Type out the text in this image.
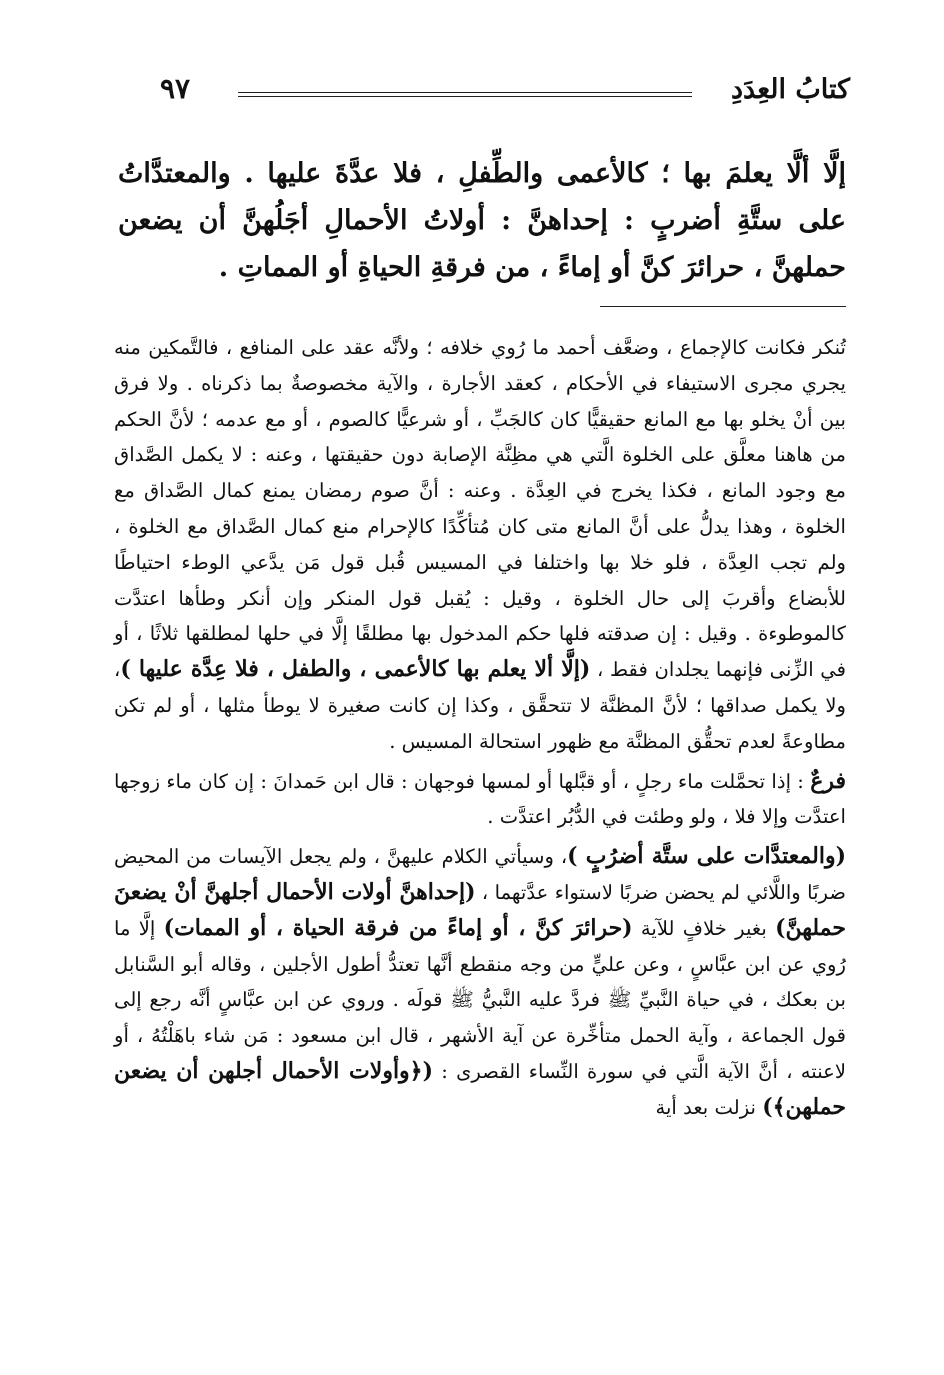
كتابُ العِدَدِ
٩٧

إلَّا ألَّا يعلمَ بها ؛ كالأعمى والطِّفلِ ، فلا عدَّةَ عليها . والمعتدَّاتُ على ستَّةِ أضربٍ : إحداهنَّ : أولاتُ الأحمالِ أجَلُهنَّ أن يضعن حملهنَّ ، حرائرَ كنَّ أو إماءً ، من فرقةِ الحياةِ أو المماتِ .

تُنكر فكانت كالإجماع ، وضعَّف أحمد ما رُوي خلافه ؛ ولأنَّه عقد على المنافع ، فالتَّمكين منه يجري مجرى الاستيفاء في الأحكام ، كعقد الأجارة ، والآية مخصوصةٌ بما ذكرناه . ولا فرق بين أنْ يخلو بها مع المانع حقيقيًّا كان كالجَبِّ ، أو شرعيًّا كالصوم ، أو مع عدمه ؛ لأنَّ الحكم من هاهنا معلَّق على الخلوة الَّتي هي مظِنَّة الإصابة دون حقيقتها ، وعنه : لا يكمل الصَّداق مع وجود المانع ، فكذا يخرج في العِدَّة . وعنه : أنَّ صوم رمضان يمنع كمال الصَّداق مع الخلوة ، وهذا يدلُّ على أنَّ المانع متى كان مُتأكِّدًا كالإحرام منع كمال الصَّداق مع الخلوة ، ولم تجب العِدَّة ، فلو خلا بها واختلفا في المسيس قُبل قول مَن يدَّعي الوطء احتياطًا للأبضاع وأقربَ إلى حال الخلوة ، وقيل : يُقبل قول المنكر وإن أنكر وطأها اعتدَّت كالموطوءة . وقيل : إن صدقته فلها حكم المدخول بها مطلقًا إلَّا في حلها لمطلقها ثلاثًا ، أو في الزِّنى فإنهما يجلدان فقط ، (إلَّا ألا يعلم بها كالأعمى ، والطفل ، فلا عِدَّة عليها )، ولا يكمل صداقها ؛ لأنَّ المظنَّة لا تتحقَّق ، وكذا إن كانت صغيرة لا يوطأ مثلها ، أو لم تكن مطاوعةً لعدم تحقُّق المظنَّة مع ظهور استحالة المسيس .

فرعٌ : إذا تحمَّلت ماء رجلٍ ، أو قبَّلها أو لمسها فوجهان : قال ابن حَمدانَ : إن كان ماء زوجها اعتدَّت وإلا فلا ، ولو وطئت في الدُّبُر اعتدَّت .

(والمعتدَّات على ستَّة أضرُبٍ )، وسيأتي الكلام عليهنَّ ، ولم يجعل الآيسات من المحيض ضربًا واللَّائي لم يحضن ضربًا لاستواء عدَّتهما ، (إحداهنَّ أولات الأحمال أجلهنَّ أنْ يضعنَ حملهنَّ) بغير خلافٍ للآية (حرائرَ كنَّ ، أو إماءً من فرقة الحياة ، أو الممات) إلَّا ما رُوي عن ابن عبَّاسٍ ، وعن عليٍّ من وجه منقطع أنَّها تعتدُّ أطول الأجلين ، وقاله أبو السَّنابل بن بعكك ، في حياة النَّبيِّ ﷺ فردَّ عليه النَّبيُّ ﷺ قولَه . وروي عن ابن عبَّاسٍ أنَّه رجع إلى قول الجماعة ، وآية الحمل متأخِّرة عن آية الأشهر ، قال ابن مسعود : مَن شاء باهَلْتُهُ ، أو لاعنته ، أنَّ الآية الَّتي في سورة النِّساء القصرى : (﴿وأولات الأحمال أجلهن أن يضعن حملهن﴾) نزلت بعد أية
